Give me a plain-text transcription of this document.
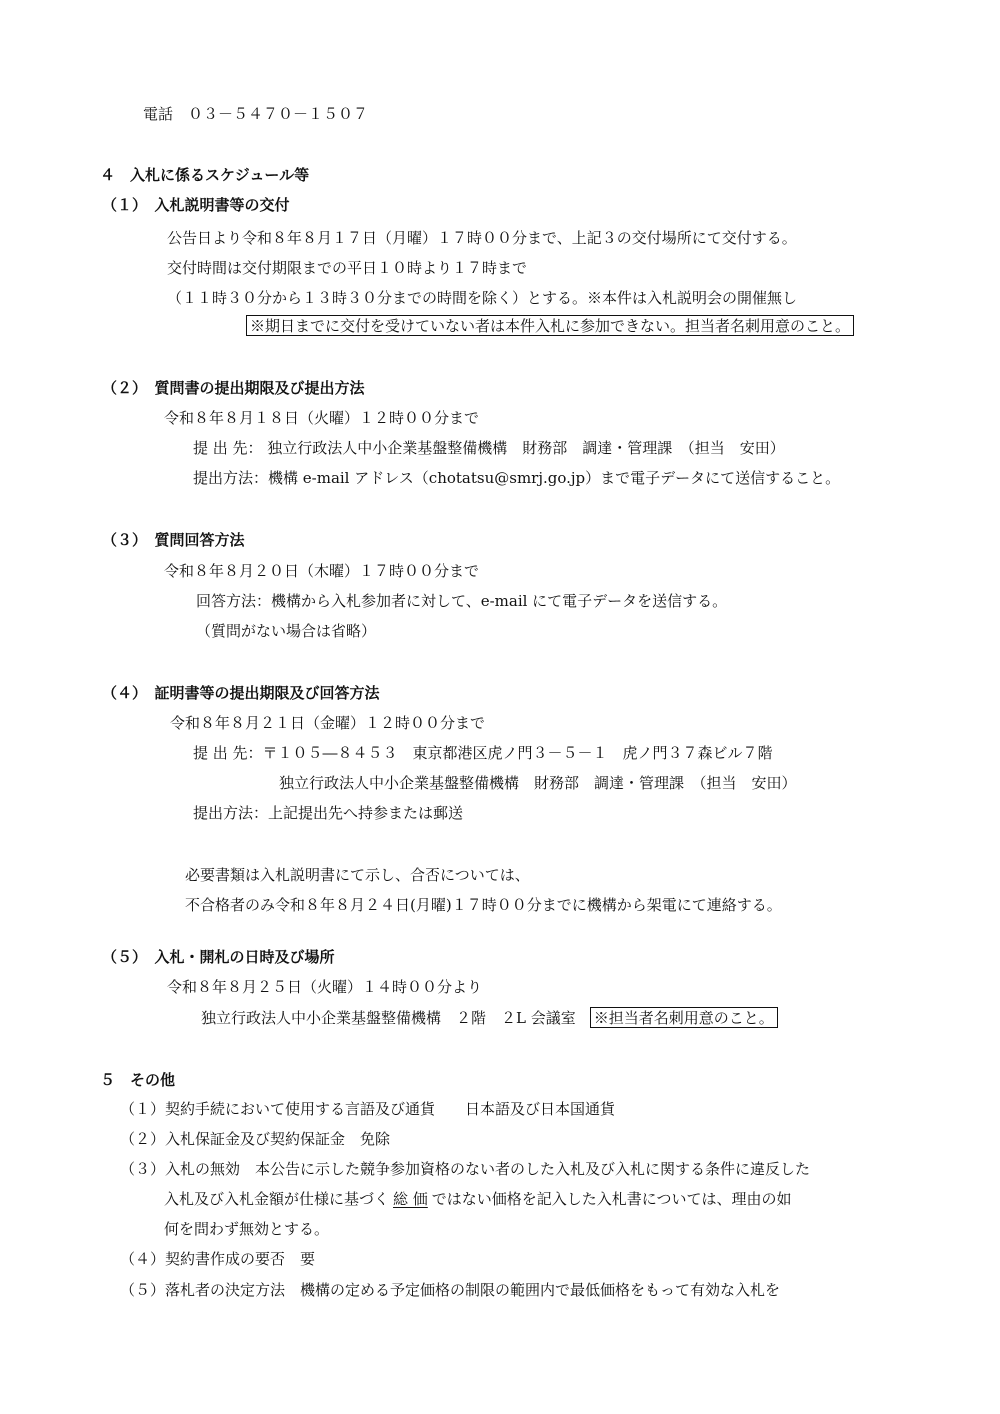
電話　０３－５４７０－１５０７
４　入札に係るスケジュール等
（１）　入札説明書等の交付
公告日より令和８年８月１７日（月曜）１７時００分まで、上記３の交付場所にて交付する。
交付時間は交付期限までの平日１０時より１７時まで
（１１時３０分から１３時３０分までの時間を除く）とする。※本件は入札説明会の開催無し
※期日までに交付を受けていない者は本件入札に参加できない。担当者名刺用意のこと。
（２）　質問書の提出期限及び提出方法
令和８年８月１８日（火曜）１２時００分まで
提 出 先： 独立行政法人中小企業基盤整備機構　財務部　調達・管理課　（担当　安田）
提出方法：機構 e-mail アドレス（chotatsu@smrj.go.jp）まで電子データにて送信すること。
（３）　質問回答方法
令和８年８月２０日（木曜）１７時００分まで
回答方法：機構から入札参加者に対して、e-mail にて電子データを送信する。
（質問がない場合は省略）
（４）　証明書等の提出期限及び回答方法
令和８年８月２１日（金曜）１２時００分まで
提 出 先：〒１０５―８４５３　東京都港区虎ノ門３－５－１　虎ノ門３７森ビル７階
独立行政法人中小企業基盤整備機構　財務部　調達・管理課　（担当　安田）
提出方法：上記提出先へ持参または郵送
必要書類は入札説明書にて示し、合否については、
不合格者のみ令和８年８月２４日(月曜)１７時００分までに機構から架電にて連絡する。
（５）　入札・開札の日時及び場所
令和８年８月２５日（火曜）１４時００分より
独立行政法人中小企業基盤整備機構　２階　２L 会議室 ※担当者名刺用意のこと。
５　その他
（１）契約手続において使用する言語及び通貨　　日本語及び日本国通貨
（２）入札保証金及び契約保証金　免除
（３）入札の無効　本公告に示した競争参加資格のない者のした入札及び入札に関する条件に違反した
入札及び入札金額が仕様に基づく 総 価 ではない価格を記入した入札書については、理由の如
何を問わず無効とする。
（４）契約書作成の要否　要
（５）落札者の決定方法　機構の定める予定価格の制限の範囲内で最低価格をもって有効な入札を
